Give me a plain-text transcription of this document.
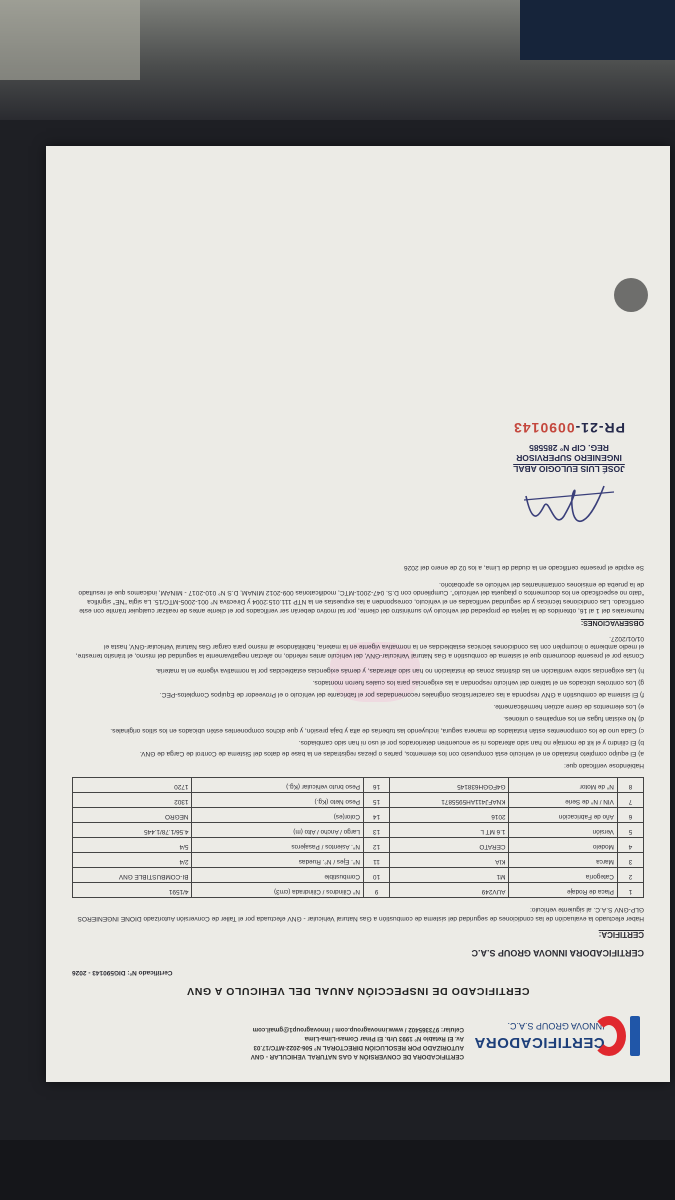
CERTIFICADORA
INNOVA GROUP S.A.C.
CERTIFICADORA DE CONVERSIÓN A GAS NATURAL VEHICULAR - GNV
AUTORIZADO POR RESOLUCIÓN DIRECTORAL N° 506-2022-MTC/17.03
Av. El Retablo N° 1993 Urb. El Pinar Comas-Lima-Lima
Celular: 973365402 / www.innovagroup.com / innovagroup1@gmail.com
CERTIFICADO DE INSPECCIÓN ANUAL DEL VEHICULO A GNV
Certificado N°: DIG590143 - 2026
CERTIFICADORA INNOVA GROUP S.A.C
CERTIFICA:
Haber efectuado la evaluación de las condiciones de seguridad del sistema de combustión a Gas Natural Vehicular - GNV efectuada por el Taller de Conversión Autorizado DIONE INGENIEROS GLP-GNV S.A.C. al siguiente vehículo:
1	Placa de Rodaje	AUV249	9	N° Cilindros / Cilindrada (cm3)	4/1591
2	Categoría	M1	10	Combustible	BI-COMBUSTIBLE GNV
3	Marca	KIA	11	N°. Ejes / N°. Ruedas	2/4
4	Modelo	CERATO	12	N°. Asientos / Pasajeros	5/4
5	Versión	1.6 MT L	13	Largo / Ancho / Alto (m)	4.56/1.78/1.445
6	Año de Fabricación	2016	14	Color(es)	NEGRO
7	VIN / N° de Serie	KNAFJ411AH5955871	15	Peso Neto (Kg.)	1302
8	N° de Motor	G4FGGH638145	16	Peso bruto vehicular (Kg.)	1720
Habiéndose verificado que:

a) El equipo completo instalado en el vehículo está compuesto con los elementos, partes o piezas registradas en la base de datos del Sistema de Control de Carga de GNV.

b) El cilindro y el kit de montaje no han sido alterados ni se encuentren deteriorados por el uso ni han sido cambiados.

c) Cada uno de los componentes están instalados de manera segura, incluyendo las tuberías de alta y baja presión, y que dichos componentes estén ubicados en los sitios originales.

d) No existan fugas en los empalmes o uniones.

e) Los elementos de cierre actúen herméticamente.

f) El sistema de combustión a GNV responda a las características originales recomendadas por el fabricante del vehículo o el Proveedor de Equipos Completos-PEC.

g) Los controles ubicados en el tablero del vehículo respondan a las exigencias para los cuales fueron montados.

h) Las exigencias sobre ventilación en las distintas zonas de instalación no han sido alteradas, y demás exigencias establecidas por la normativa vigente en la materia.

Conste por el presente documento que el sistema de combustión a Gas Natural Vehicular-GNV, del vehículo antes referido, no afectan negativamente la seguridad del mismo, el tránsito terrestre, el medio ambiente o incumplen con las condiciones técnicas establecidas en la normativa vigente en la materia, habilitándose al mismo para cargar Gas Natural Vehicular-GNV, hasta el 01/01/2027.
OBSERVACIONES:
Numerales del 1 al 16, obtenidos de la tarjeta de propiedad del vehículo y/o suministro del cliente, por tal motivo deberán ser verificados por el cliente antes de realizar cualquier trámite con este certificado. Las condiciones técnicas y de seguridad verificadas en el vehículo, corresponden a las expuestas en la NTP 111.015:2004 y Directiva N° 001-2005-MTC/15. La sigla "NE" significa "dato no especificado en los documentos o plaqueta del vehículo". Cumpliendo con D.S. 047-2001-MTC, modificatorias 009-2012 MINAM, D.S N° 010-2017 - MINAM, indicamos que el resultado de la prueba de emisiones contaminantes del vehículo es aprobatorio.
Se expide el presente certificado en la ciudad de Lima, a los 02 de enero del 2026
JOSÉ LUIS EULOGIO ABAL
INGENIERO SUPERVISOR
REG. CIP N° 285585
PR-21-0090143
